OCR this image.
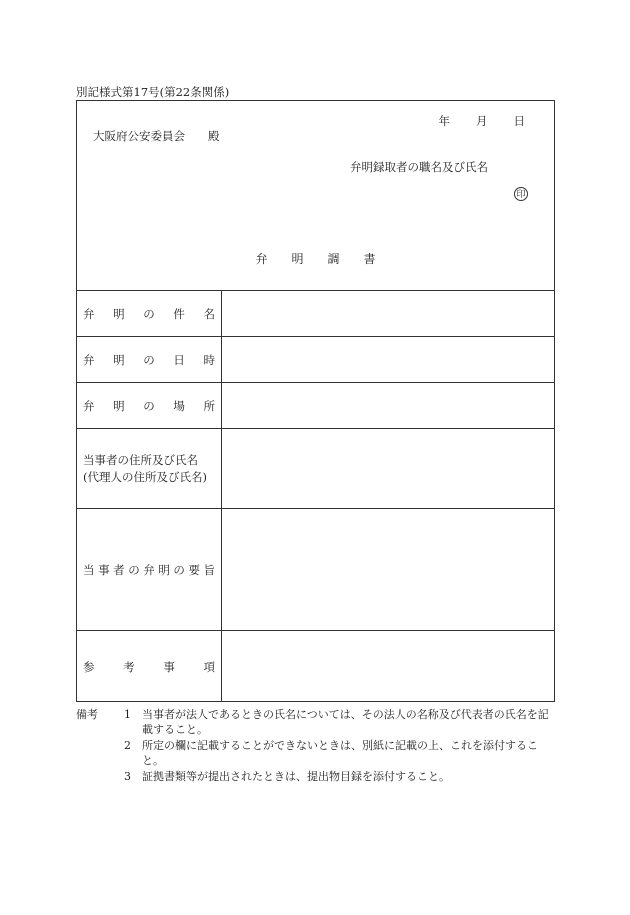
別記様式第17号(第22条関係)
年 月 日
大阪府公安委員会　　殿
弁明録取者の職名及び氏名
印
弁明調書
弁 明 の 件 名
弁 明 の 日 時
弁 明 の 場 所
当事者の住所及び氏名
(代理人の住所及び氏名)
当 事 者 の 弁 明 の 要 旨
参 考 事 項
備考 1 当事者が法人であるときの氏名については、その法人の名称及び代表者の氏名を記載すること。
2 所定の欄に記載することができないときは、別紙に記載の上、これを添付すること。
3 証拠書類等が提出されたときは、提出物目録を添付すること。
